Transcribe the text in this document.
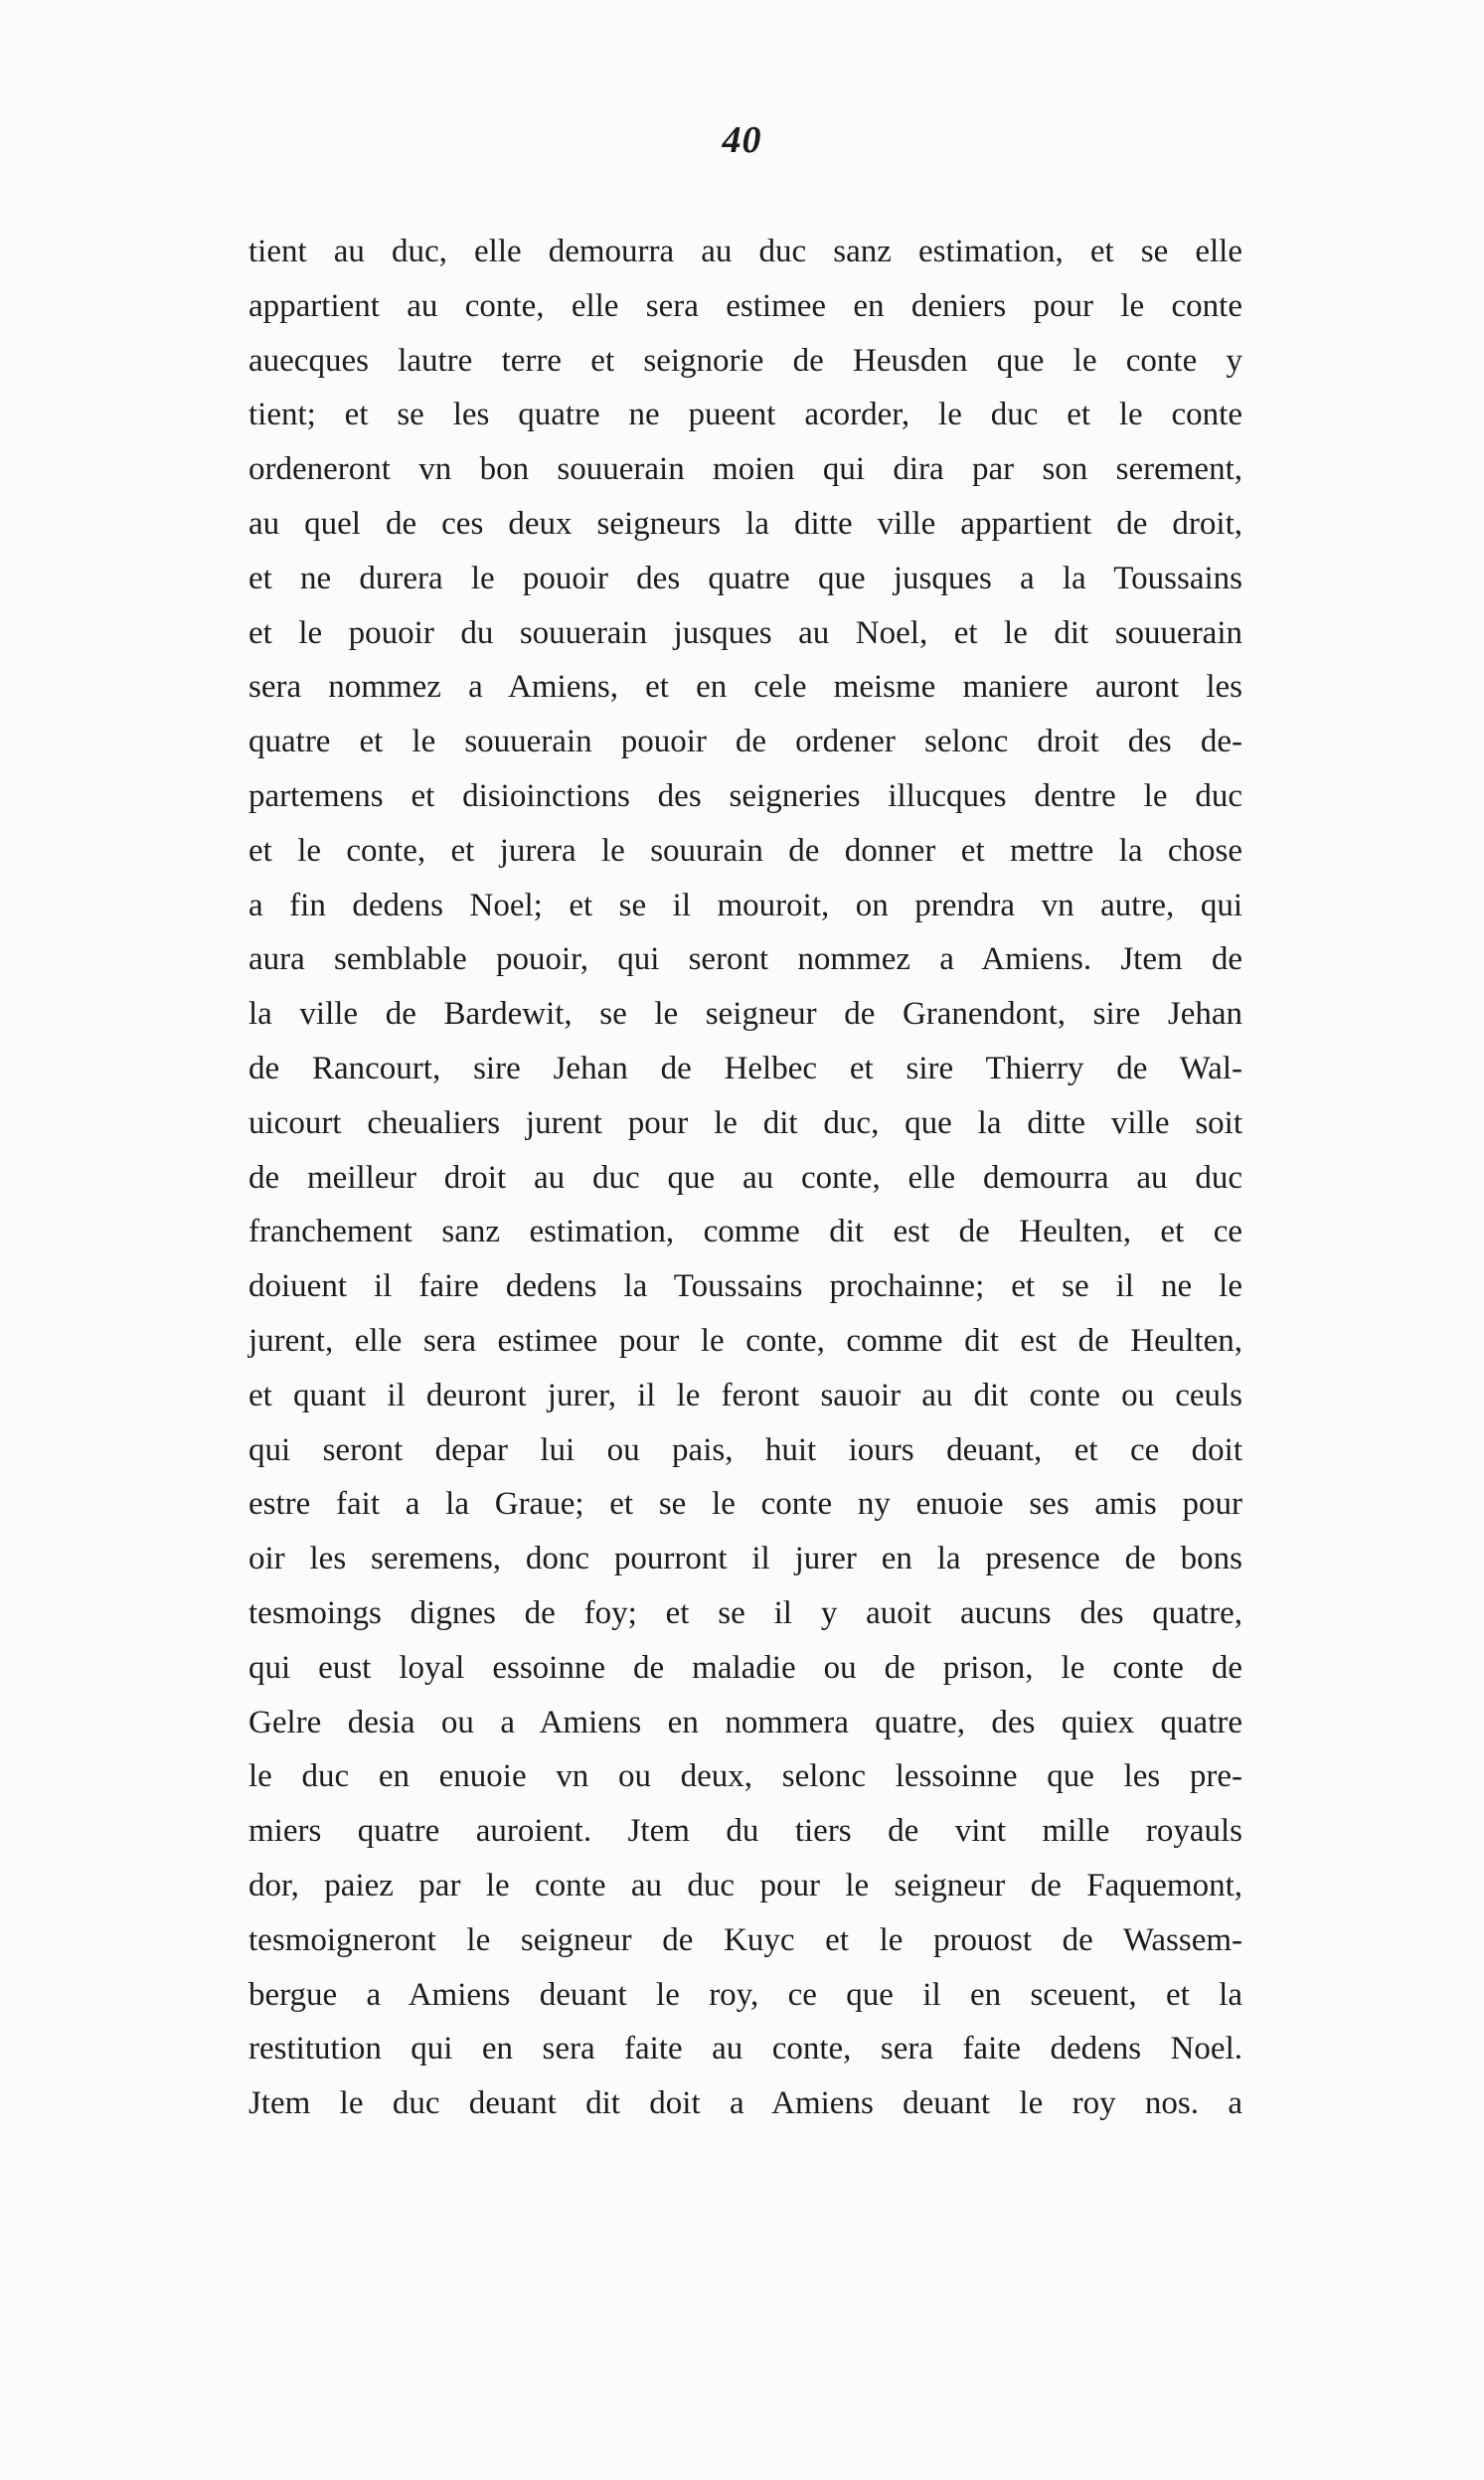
40
tient au duc, elle demourra au duc sanz estimation, et se elle
appartient au conte, elle sera estimee en deniers pour le conte
auecques lautre terre et seignorie de Heusden que le conte y
tient; et se les quatre ne pueent acorder, le duc et le conte
ordeneront vn bon souuerain moien qui dira par son serement,
au quel de ces deux seigneurs la ditte ville appartient de droit,
et ne durera le pouoir des quatre que jusques a la Toussains
et le pouoir du souuerain jusques au Noel, et le dit souuerain
sera nommez a Amiens, et en cele meisme maniere auront les
quatre et le souuerain pouoir de ordener selonc droit des de-
partemens et disioinctions des seigneries illucques dentre le duc
et le conte, et jurera le souurain de donner et mettre la chose
a fin dedens Noel; et se il mouroit, on prendra vn autre, qui
aura semblable pouoir, qui seront nommez a Amiens. Jtem de
la ville de Bardewit, se le seigneur de Granendont, sire Jehan
de Rancourt, sire Jehan de Helbec et sire Thierry de Wal-
uicourt cheualiers jurent pour le dit duc, que la ditte ville soit
de meilleur droit au duc que au conte, elle demourra au duc
franchement sanz estimation, comme dit est de Heulten, et ce
doiuent il faire dedens la Toussains prochainne; et se il ne le
jurent, elle sera estimee pour le conte, comme dit est de Heulten,
et quant il deuront jurer, il le feront sauoir au dit conte ou ceuls
qui seront depar lui ou pais, huit iours deuant, et ce doit
estre fait a la Graue; et se le conte ny enuoie ses amis pour
oir les seremens, donc pourront il jurer en la presence de bons
tesmoings dignes de foy; et se il y auoit aucuns des quatre,
qui eust loyal essoinne de maladie ou de prison, le conte de
Gelre desia ou a Amiens en nommera quatre, des quiex quatre
le duc en enuoie vn ou deux, selonc lessoinne que les pre-
miers quatre auroient. Jtem du tiers de vint mille royauls
dor, paiez par le conte au duc pour le seigneur de Faquemont,
tesmoigneront le seigneur de Kuyc et le prouost de Wassem-
bergue a Amiens deuant le roy, ce que il en sceuent, et la
restitution qui en sera faite au conte, sera faite dedens Noel.
Jtem le duc deuant dit doit a Amiens deuant le roy nos. a
